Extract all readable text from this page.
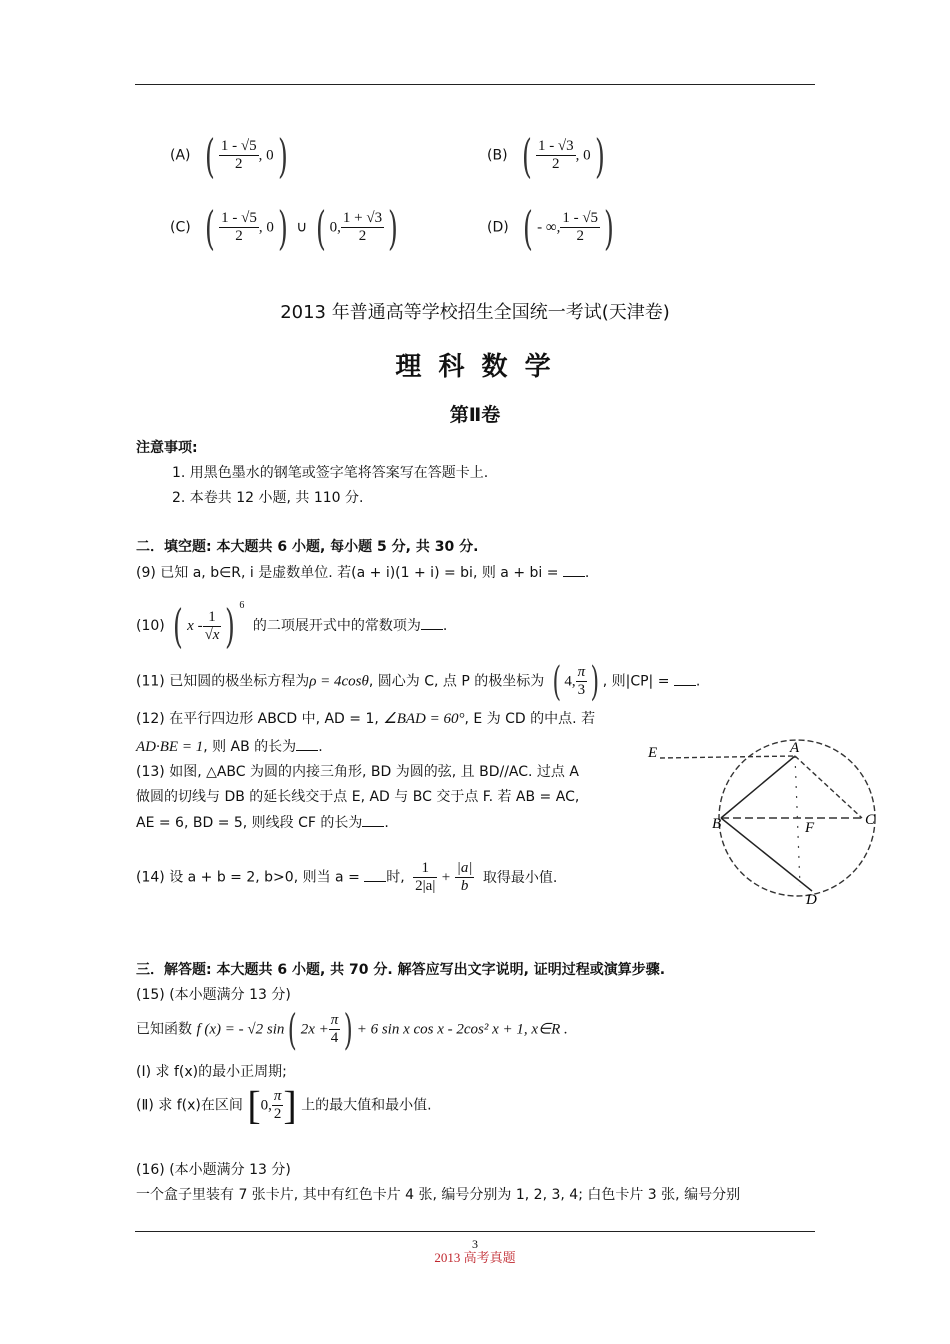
(A) ( $\frac{1 - √5}{2}$ , 0)	(B) ( $\frac{1 - √3}{2}$ , 0)
(C) ( $\frac{1 - √5}{2}$ , 0) ∪ ( 0, $\frac{1 + √3}{2}$ )	(D) ( - ∞, $\frac{1 - √5}{2}$ )
2013 年普通高等学校招生全国统一考试(天津卷)
理 科 数 学
第Ⅱ卷
注意事项:
1. 用黑色墨水的钢笔或签字笔将答案写在答题卡上.
2. 本卷共 12 小题, 共 110 分.
二．填空题: 本大题共 6 小题, 每小题 5 分, 共 30 分.
(9) 已知 a, b∈R, i 是虚数单位. 若(a + i)(1 + i) = bi, 则 a + bi = .
(10) ( x - $\frac{1}{√x}$ ) $^6$ 的二项展开式中的常数项为 .
(11) 已知圆的极坐标方程为ρ = 4cosθ, 圆心为 C, 点 P 的极坐标为 ( 4, $\frac{\pi}{3}$ ) , 则|CP| = .
(12) 在平行四边形 ABCD 中, AD = 1, ∠BAD = 60°, E 为 CD 的中点. 若
AD·BE = 1, 则 AB 的长为 .
(13) 如图, △ABC 为圆的内接三角形, BD 为圆的弦, 且 BD//AC. 过点 A
做圆的切线与 DB 的延长线交于点 E, AD 与 BC 交于点 F. 若 AB = AC,
AE = 6, BD = 5, 则线段 CF 的长为 .
E	A
B	C
F
D
(14) 设 a + b = 2, b>0, 则当 a = 时, $\frac{1}{2|a|} + \frac{|a|}{b}$ 取得最小值.
三．解答题: 本大题共 6 小题, 共 70 分. 解答应写出文字说明, 证明过程或演算步骤.
(15) (本小题满分 13 分)
已知函数 f (x) = - √2 sin( $2x + \frac{\pi}{4}$ ) + 6 sin x cos x - 2cos² x + 1, x∈R .
(Ⅰ) 求 f(x)的最小正周期;
(Ⅱ) 求 f(x)在区间 [0, $\frac{\pi}{2}$ ] 上的最大值和最小值.
(16) (本小题满分 13 分)
一个盒子里装有 7 张卡片, 其中有红色卡片 4 张, 编号分别为 1, 2, 3, 4; 白色卡片 3 张, 编号分别
3
2013 高考真题
